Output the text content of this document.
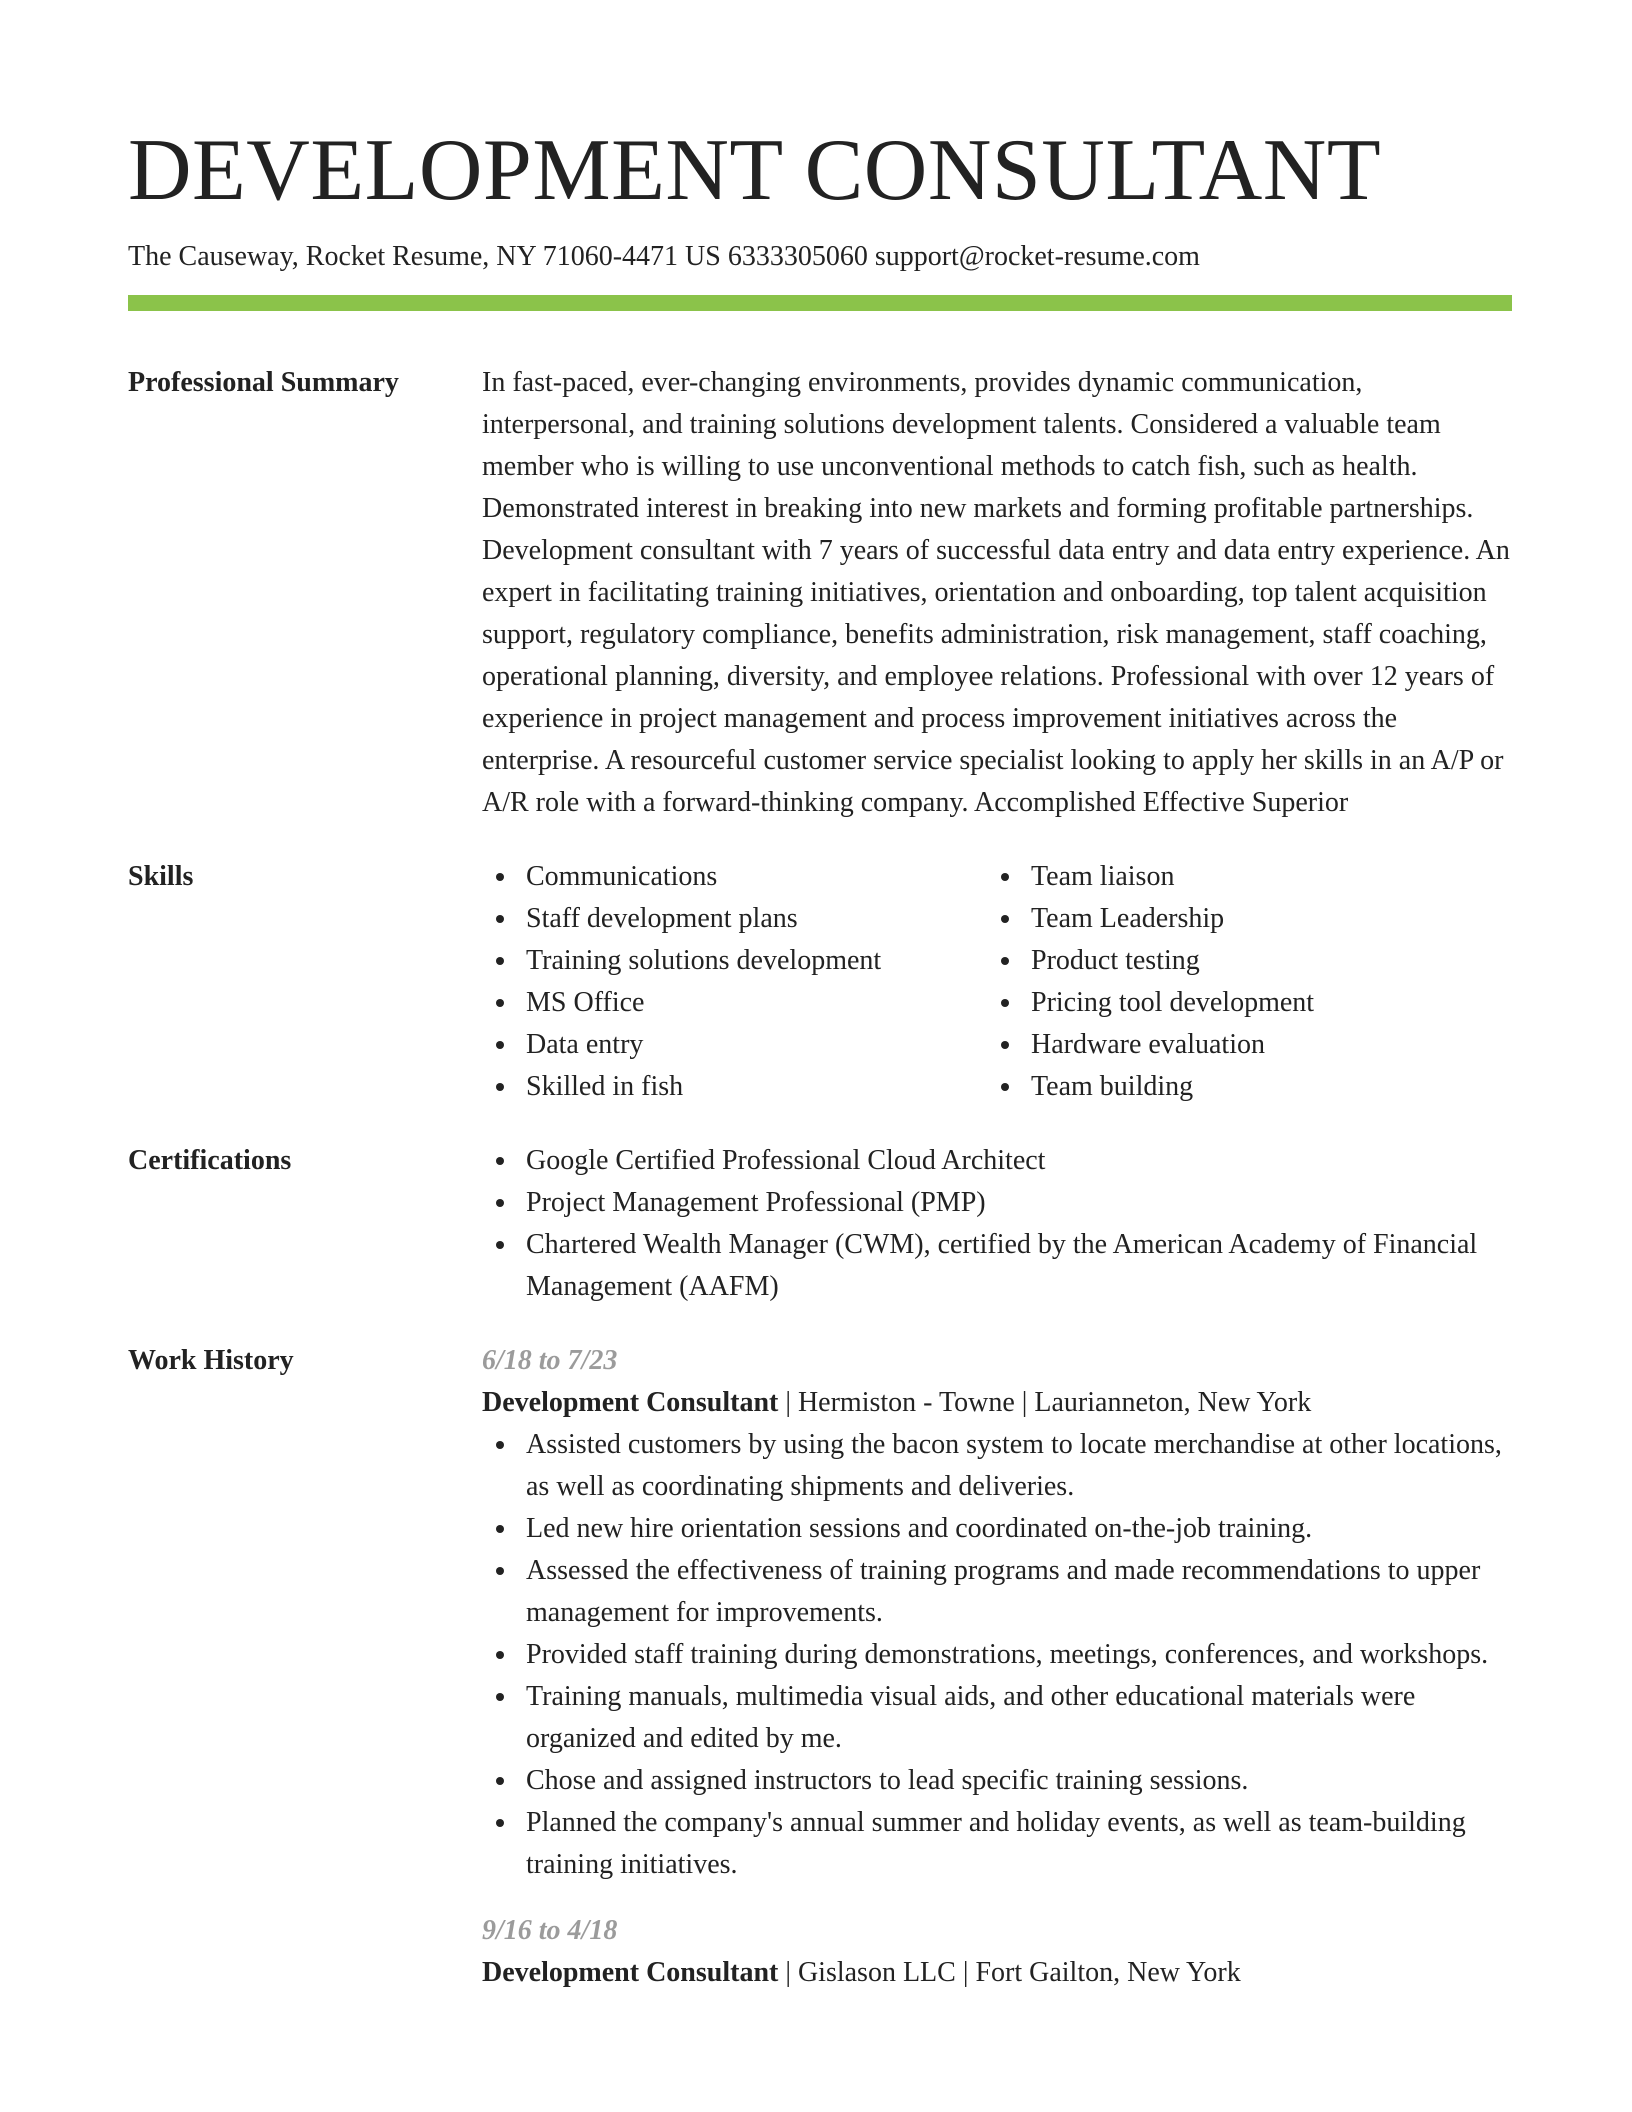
DEVELOPMENT CONSULTANT
The Causeway, Rocket Resume, NY 71060-4471 US 6333305060 support@rocket-resume.com
Professional Summary	In fast-paced, ever-changing environments, provides dynamic communication, interpersonal, and training solutions development talents. Considered a valuable team member who is willing to use unconventional methods to catch fish, such as health. Demonstrated interest in breaking into new markets and forming profitable partnerships. Development consultant with 7 years of successful data entry and data entry experience. An expert in facilitating training initiatives, orientation and onboarding, top talent acquisition support, regulatory compliance, benefits administration, risk management, staff coaching, operational planning, diversity, and employee relations. Professional with over 12 years of experience in project management and process improvement initiatives across the enterprise. A resourceful customer service specialist looking to apply her skills in an A/P or A/R role with a forward-thinking company. Accomplished Effective Superior

Skills	Communications
Staff development plans
Training solutions development
MS Office
Data entry
Skilled in fish
Team liaison
Team Leadership
Product testing
Pricing tool development
Hardware evaluation
Team building
Certifications	Google Certified Professional Cloud Architect
Project Management Professional (PMP)
Chartered Wealth Manager (CWM), certified by the American Academy of Financial Management (AAFM)
Work History	6/18 to 7/23
Development Consultant | Hermiston - Towne | Laurianneton, New York
Assisted customers by using the bacon system to locate merchandise at other locations, as well as coordinating shipments and deliveries.
Led new hire orientation sessions and coordinated on-the-job training.
Assessed the effectiveness of training programs and made recommendations to upper management for improvements.
Provided staff training during demonstrations, meetings, conferences, and workshops.
Training manuals, multimedia visual aids, and other educational materials were organized and edited by me.
Chose and assigned instructors to lead specific training sessions.
Planned the company's annual summer and holiday events, as well as team-building training initiatives.
9/16 to 4/18
Development Consultant | Gislason LLC | Fort Gailton, New York
